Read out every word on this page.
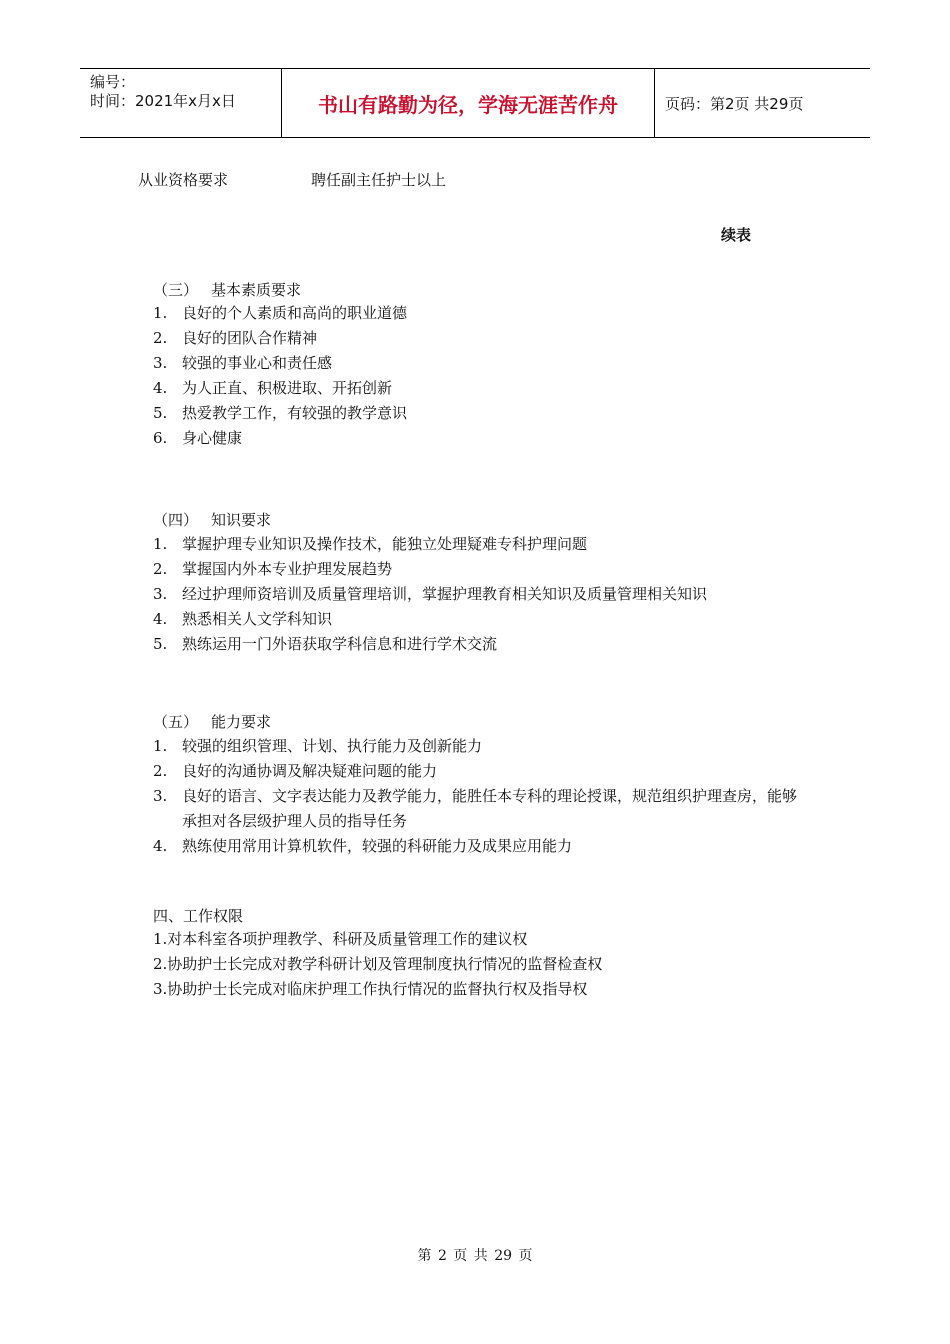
编号：
时间：2021年x月x日	书山有路勤为径，学海无涯苦作舟	页码：第2页 共29页
从业资格要求	聘任副主任护士以上
续表
（三） 基本素质要求
1. 良好的个人素质和高尚的职业道德
2. 良好的团队合作精神
3. 较强的事业心和责任感
4. 为人正直、积极进取、开拓创新
5. 热爱教学工作，有较强的教学意识
6. 身心健康
（四） 知识要求
1. 掌握护理专业知识及操作技术，能独立处理疑难专科护理问题
2. 掌握国内外本专业护理发展趋势
3. 经过护理师资培训及质量管理培训，掌握护理教育相关知识及质量管理相关知识
4. 熟悉相关人文学科知识
5. 熟练运用一门外语获取学科信息和进行学术交流
（五） 能力要求
1. 较强的组织管理、计划、执行能力及创新能力
2. 良好的沟通协调及解决疑难问题的能力
3. 良好的语言、文字表达能力及教学能力，能胜任本专科的理论授课，规范组织护理查房，能够承担对各层级护理人员的指导任务
4. 熟练使用常用计算机软件，较强的科研能力及成果应用能力
四、工作权限
1.对本科室各项护理教学、科研及质量管理工作的建议权
2.协助护士长完成对教学科研计划及管理制度执行情况的监督检查权
3.协助护士长完成对临床护理工作执行情况的监督执行权及指导权
第 2 页 共 29 页
